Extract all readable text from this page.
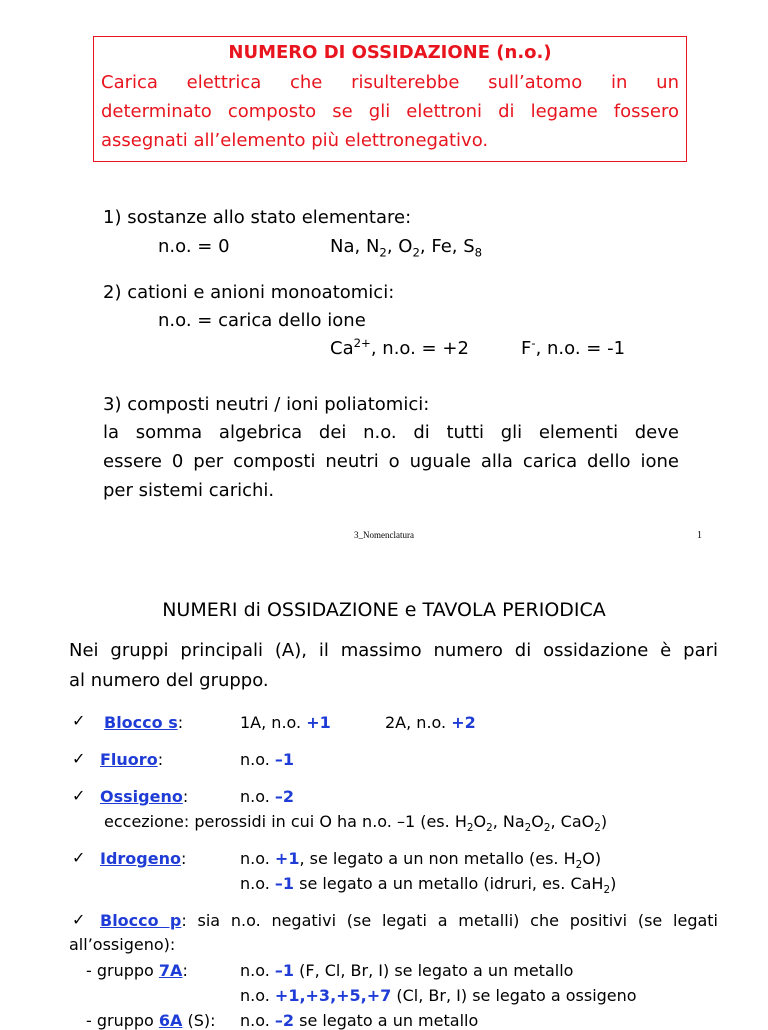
NUMERO DI OSSIDAZIONE (n.o.)
Carica elettrica che risulterebbe sull’atomo in un
determinato composto se gli elettroni di legame fossero
assegnati all’elemento più elettronegativo.
1) sostanze allo stato elementare:
n.o. = 0	Na, $N_2$, $O_2$, Fe, $S_8$
2) cationi e anioni monoatomici:
n.o. = carica dello ione
$Ca^{2+}$, n.o. = +2	F-, n.o. = -1
3) composti neutri / ioni poliatomici:
la somma algebrica dei n.o. di tutti gli elementi deve
essere 0 per composti neutri o uguale alla carica dello ione
per sistemi carichi.
3_Nomenclatura	1
NUMERI di OSSIDAZIONE e TAVOLA PERIODICA
Nei gruppi principali (A), il massimo numero di ossidazione è pari
al numero del gruppo.
✓ Blocco s:	1A, n.o. +1	2A, n.o. +2
✓ Fluoro:	n.o. –1
✓ Ossigeno:	n.o. –2
eccezione: perossidi in cui O ha n.o. –1 (es. $H_2O_2$, $Na_2O_2$, CaO$_2$)
✓ Idrogeno:	n.o. +1, se legato a un non metallo (es. $H_2O$)
n.o. –1 se legato a un metallo (idruri, es. CaH$_2$)
✓ Blocco p: sia n.o. negativi (se legati a metalli) che positivi (se legati
all’ossigeno):
- gruppo 7A:	n.o. –1 (F, Cl, Br, I) se legato a un metallo
n.o. +1,+3,+5,+7 (Cl, Br, I) se legato a ossigeno
- gruppo 6A (S): n.o. –2 se legato a un metallo
